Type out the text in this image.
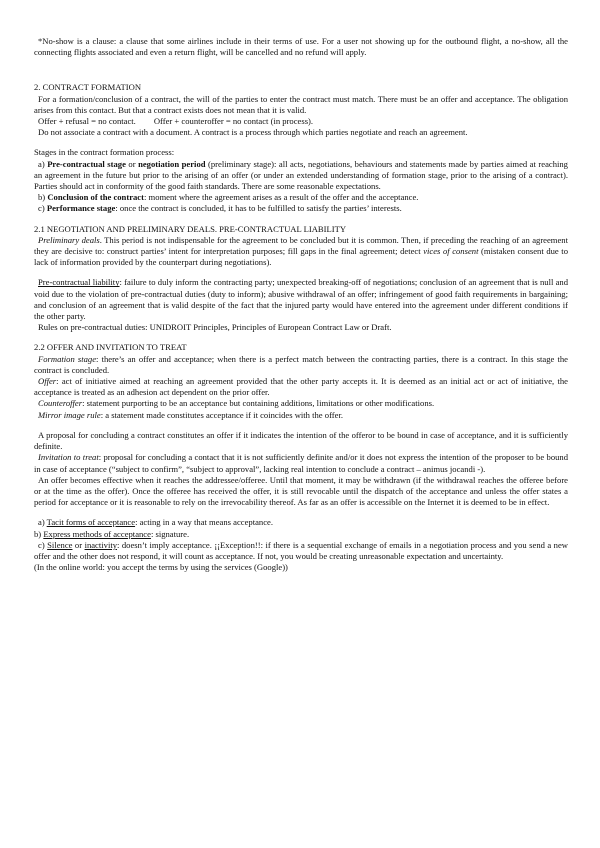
*No-show is a clause: a clause that some airlines include in their terms of use. For a user not showing up for the outbound flight, a no-show, all the connecting flights associated and even a return flight, will be cancelled and no refund will apply.

2. CONTRACT FORMATION

For a formation/conclusion of a contract, the will of the parties to enter the contract must match. There must be an offer and acceptance. The obligation arises from this contact. But that a contract exists does not mean that it is valid.

Offer + refusal = no contact. Offer + counteroffer = no contact (in process).

Do not associate a contract with a document. A contract is a process through which parties negotiate and reach an agreement.

Stages in the contract formation process:

a) Pre-contractual stage or negotiation period (preliminary stage): all acts, negotiations, behaviours and statements made by parties aimed at reaching an agreement in the future but prior to the arising of an offer (or under an extended understanding of formation stage, prior to the arising of a contract). Parties should act in conformity of the good faith standards. There are some reasonable expectations.

b) Conclusion of the contract: moment where the agreement arises as a result of the offer and the acceptance.

c) Performance stage: once the contract is concluded, it has to be fulfilled to satisfy the parties’ interests.

2.1 NEGOTIATION AND PRELIMINARY DEALS. PRE-CONTRACTUAL LIABILITY

Preliminary deals. This period is not indispensable for the agreement to be concluded but it is common. Then, if preceding the reaching of an agreement they are decisive to: construct parties’ intent for interpretation purposes; fill gaps in the final agreement; detect vices of consent (mistaken consent due to lack of information provided by the counterpart during negotiations).

Pre-contractual liability: failure to duly inform the contracting party; unexpected breaking-off of negotiations; conclusion of an agreement that is null and void due to the violation of pre-contractual duties (duty to inform); abusive withdrawal of an offer; infringement of good faith requirements in bargaining; and conclusion of an agreement that is valid despite of the fact that the injured party would have entered into the agreement under different conditions if the other party.

Rules on pre-contractual duties: UNIDROIT Principles, Principles of European Contract Law or Draft.

2.2 OFFER AND INVITATION TO TREAT

Formation stage: there’s an offer and acceptance; when there is a perfect match between the contracting parties, there is a contract. In this stage the contract is concluded.

Offer: act of initiative aimed at reaching an agreement provided that the other party accepts it. It is deemed as an initial act or act of initiative, the acceptance is treated as an adhesion act dependent on the prior offer.

Counteroffer: statement purporting to be an acceptance but containing additions, limitations or other modifications.

Mirror image rule: a statement made constitutes acceptance if it coincides with the offer.

A proposal for concluding a contract constitutes an offer if it indicates the intention of the offeror to be bound in case of acceptance, and it is sufficiently definite.

Invitation to treat: proposal for concluding a contact that it is not sufficiently definite and/or it does not express the intention of the proposer to be bound in case of acceptance (“subject to confirm”, “subject to approval”, lacking real intention to conclude a contract – animus jocandi -).

An offer becomes effective when it reaches the addressee/offeree. Until that moment, it may be withdrawn (if the withdrawal reaches the offeree before or at the time as the offer). Once the offeree has received the offer, it is still revocable until the dispatch of the acceptance and unless the offer states a period for acceptance or it is reasonable to rely on the irrevocability thereof. As far as an offer is accessible on the Internet it is deemed to be in effect.

a) Tacit forms of acceptance: acting in a way that means acceptance.

b) Express methods of acceptance: signature.

c) Silence or inactivity: doesn’t imply acceptance. ¡¡Exception!!: if there is a sequential exchange of emails in a negotiation process and you send a new offer and the other does not respond, it will count as acceptance. If not, you would be creating unreasonable expectation and uncertainty.

(In the online world: you accept the terms by using the services (Google))
